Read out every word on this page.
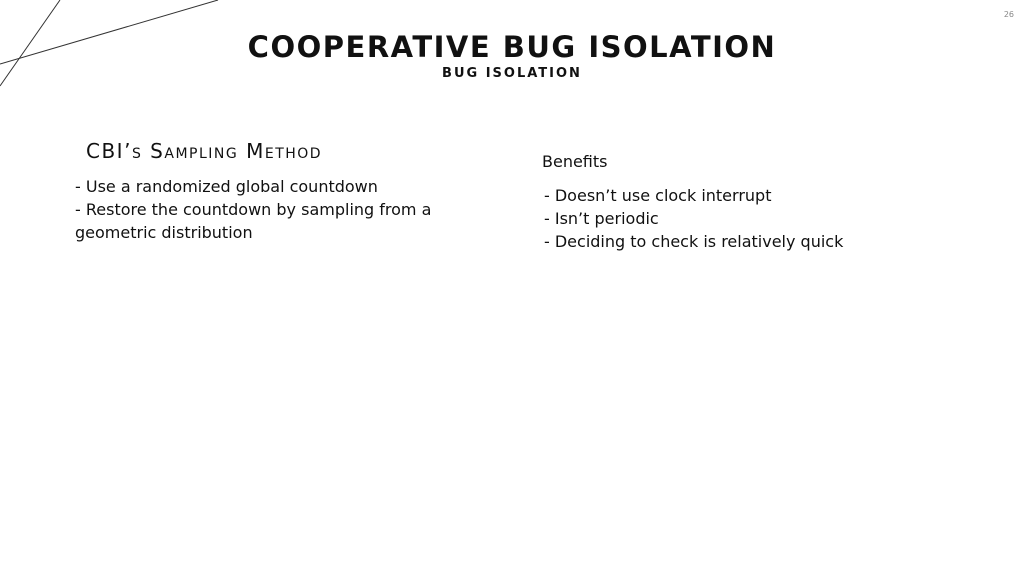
26
COOPERATIVE BUG ISOLATION
BUG ISOLATION
CBI’s Sampling Method

- Use a randomized global countdown

- Restore the countdown by sampling from a geometric distribution

Benefits

- Doesn’t use clock interrupt

- Isn’t periodic

- Deciding to check is relatively quick
